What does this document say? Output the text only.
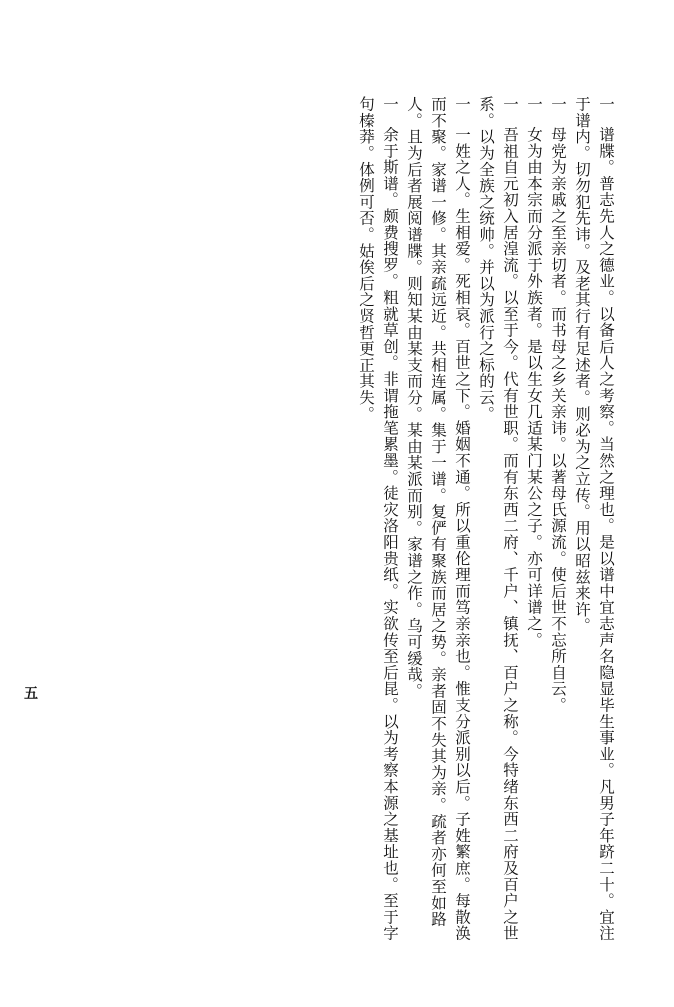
一谱牒。普志先人之德业。以备后人之考察。当然之理也。是以谱中宜志声名隐显毕生事业。凡男子年跻二十。宜注于谱内。切勿犯先讳。及老其行有足述者。则必为之立传。用以昭兹来许。

一母党为亲戚之至亲切者。而书母之乡关亲讳。以著母氏源流。使后世不忘所自云。

一女为由本宗而分派于外族者。是以生女几适某门某公之子。亦可详谱之。

一吾祖自元初入居湟流。以至于今。代有世职。而有东西二府、千户、镇抚、百户之称。今特绪东西二府及百户之世系。以为全族之统帅。并以为派行之标的云。

一一姓之人。生相爱。死相哀。百世之下。婚姻不通。所以重伦理而笃亲亲也。惟支分派别以后。子姓繁庶。每散涣而不聚。家谱一修。其亲疏远近。共相连属。集于一谱。复俨有聚族而居之势。亲者固不失其为亲。疏者亦何至如路人。且为后者展阅谱牒。则知某由某支而分。某由某派而别。家谱之作。乌可缓哉。

一余于斯谱。颇费搜罗。粗就草创。非谓拖笔累墨。徒灾洛阳贵纸。实欲传至后昆。以为考察本源之基址也。至于字句榛莽。体例可否。姑俟后之贤哲更正其失。

五
